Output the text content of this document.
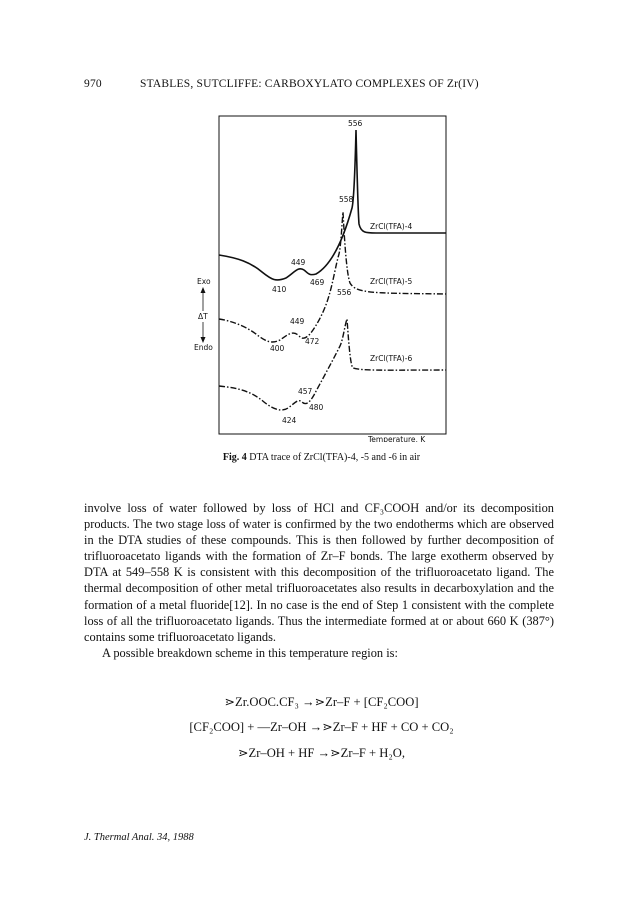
970	STABLES, SUTCLIFFE: CARBOXYLATO COMPLEXES OF Zr(IV)
556
558
449
410
469
556
449
472
400
457
480
424
ZrCl(TFA)-4
ZrCl(TFA)-5
ZrCl(TFA)-6
Exo
ΔT
Endo
Temperature, K
Fig. 4 DTA trace of ZrCl(TFA)-4, -5 and -6 in air

involve loss of water followed by loss of HCl and CF₃COOH and/or its decomposition products. The two stage loss of water is confirmed by the two endotherms which are observed in the DTA studies of these compounds. This is then followed by further decomposition of trifluoroacetato ligands with the formation of Zr–F bonds. The large exotherm observed by DTA at 549–558 K is consistent with this decomposition of the trifluoroacetato ligand. The thermal decomposition of other metal trifluoroacetates also results in decarboxylation and the formation of a metal fluoride[12]. In no case is the end of Step 1 consistent with the complete loss of all the trifluoroacetato ligands. Thus the intermediate formed at or about 660 K (387°) contains some trifluoroacetato ligands.

A possible breakdown scheme in this temperature region is:

⋗Zr.OOC.CF₃ →⋗Zr–F + [CF₂COO]
[CF₂COO] + —Zr–OH →⋗Zr–F + HF + CO + CO₂
⋗Zr–OH + HF →⋗Zr–F + H₂O,
J. Thermal Anal. 34, 1988
